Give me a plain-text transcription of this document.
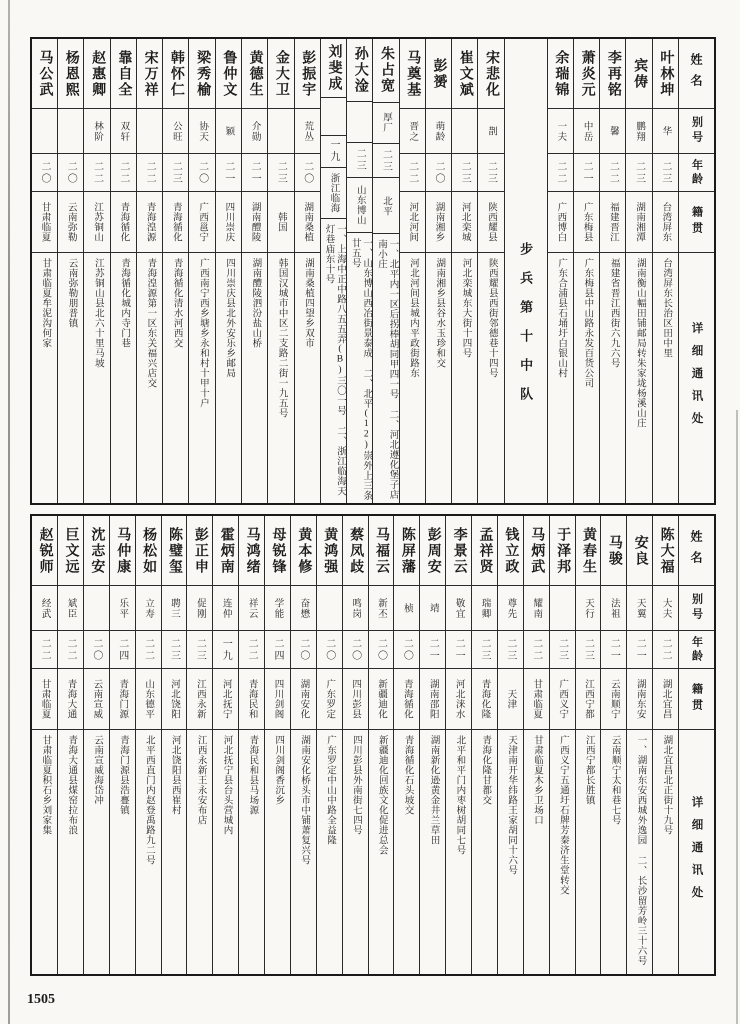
姓名
别号
年龄
籍贯
详细通讯处
叶林坤
华
二三
台湾屏东
台湾屏东长治区田中里
宾俦
鹏翔
二三
湖南湘潭
湖南衡山幅田铺邮局转朱家垅杨溪山庄
李再铭
馨
二二
福建晋江
福建省晋江西街六九六号
萧炎元
中岳
二一
广东梅县
广东梅县中山路永发百货公司
余瑞锦
一夫
二二
广西博白
广东合浦县石埇圩白银山村
步兵第十中队
宋悲化
剒
二三
陕西耀县
陕西耀县西街邻德巷十四号
崔文斌
二三
河北栾城
河北栾城东大街十四号
彭赟
萌龄
二〇
湖南湘乡
湖南湘乡县谷水玉珍和交
马奠基
晋之
二二
河北河间
河北河间县城内平政街路东
朱占宽
厚厂
二三
北平
一、北平内一区后拐棒胡同甲四一号 二、河北遵化堡子店南小庄
孙大淦
二三
山东博山
一、山东博山西冶街景泰成 二、北平(12)崇外上三条廿五号
刘斐成
一九
浙江临海
一、上海中正中路八五五弄(B)三〇一号 二、浙江临海天灯巷庙东十号
彭振宇
荒丛
二〇
湖南桑植
湖南桑植四望乡双市
金大卫
二三
韩国
韩国汉城市中区二支路二街一九五号
黄德生
介勋
二一
湖南醴陵
湖南醴陵泗汾盐山桥
鲁仲文
颖
二一
四川崇庆
四川崇庆县北外安乐乡邮局
梁秀榆
协天
二〇
广西邕宁
广西南宁西乡塘乡永和村十甲十户
韩怀仁
公旺
二三
青海循化
青海循化清水河西交
宋万祥
二二
青海湟源
青海湟源第一区东关福兴店交
靠自全
双轩
二二
青海循化
青海循化城内寺门巷
赵惠卿
林阶
二二
江苏铜山
江苏铜山县北六十里马坡
杨恩熙
二〇
云南弥勒
云南弥勒朋普镇
马公武
二〇
甘肃临夏
甘肃临夏牟泥沟何家
姓名
别号
年龄
籍贯
详细通讯处
陈大福
大夫
二二
湖北宜昌
湖北宜昌北正街十九号
安良
天翼
二一
湖南东安
一、湖南东安西城外逸园 二、长沙留芳岭三十六号
马骏
法祖
二一
云南顺宁
云南顺宁太和巷七号
黄春生
天行
二三
江西宁都
江西宁都长胜镇
于泽邦
二三
广西义宁
广西义宁五通圩石牌芳秦济生堂转交
马炳武
耀南
二二
甘肃临夏
甘肃临夏木乡卫场口
钱立政
尊先
二三
天津
天津南开华纬路王家胡同十六号
孟祥贤
瑞卿
二三
青海化隆
青海化隆甘都交
李景云
敬宜
二一
河北涞水
北平和平门内枣树胡同七号
彭周安
靖
二一
湖南邵阳
湖南新化逊黄金井兰草田
陈屏藩
桢
二〇
青海循化
青海循化石头坡交
马福云
新丕
二〇
新疆迪化
新疆迪化回族文化促进总会
蔡凤歧
鸣岗
二〇
四川彭县
四川彭县外南街七四号
黄鸿强
二〇
广东罗定
广东罗定中山中路全益隆
黄本修
奋懋
二〇
湖南安化
湖南安化桥头市中铺萧复兴号
母锐锋
学能
二四
四川剑阁
四川剑阁香沉乡
马鸿绪
祥云
二二
青海民和
青海民和县马场源
霍炳南
连仲
一九
河北抚宁
河北抚宁县台头营城内
彭正申
促刚
二三
江西永新
江西永新王永安布店
陈璧玺
聘三
二三
河北饶阳
河北饶阳县西崔村
杨松如
立寿
二二
山东德平
北平西直门内赵登禹路九二号
马仲康
乐平
二四
青海门源
青海门源县浩亹镇
沈志安
二〇
云南宣威
云南宣威海岱冲
巨文远
斌臣
二二
青海大通
青海大通县煤窑拉布浪
赵锐师
经武
二二
甘肃临夏
甘肃临夏积石乡刘家集
1505
